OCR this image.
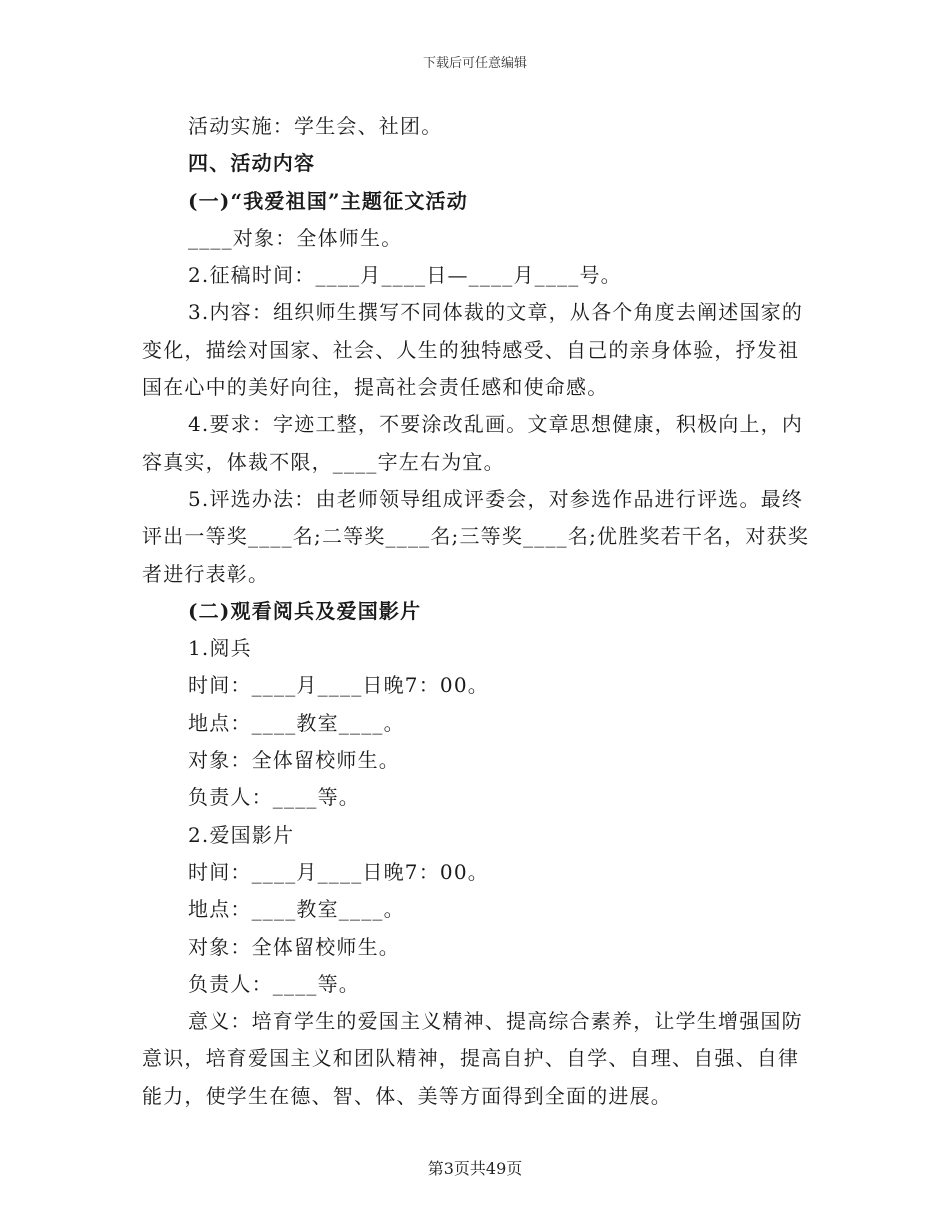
下载后可任意编辑

活动实施：学生会、社团。

四、活动内容

(一)“我爱祖国”主题征文活动

____对象：全体师生。

2.征稿时间：____月____日—____月____号。

3.内容：组织师生撰写不同体裁的文章，从各个角度去阐述国家的变化，描绘对国家、社会、人生的独特感受、自己的亲身体验，抒发祖国在心中的美好向往，提高社会责任感和使命感。

4.要求：字迹工整，不要涂改乱画。文章思想健康，积极向上，内容真实，体裁不限，____字左右为宜。

5.评选办法：由老师领导组成评委会，对参选作品进行评选。最终评出一等奖____名;二等奖____名;三等奖____名;优胜奖若干名，对获奖者进行表彰。

(二)观看阅兵及爱国影片

1.阅兵

时间：____月____日晚7：00。

地点：____教室____。

对象：全体留校师生。

负责人：____等。

2.爱国影片

时间：____月____日晚7：00。

地点：____教室____。

对象：全体留校师生。

负责人：____等。

意义：培育学生的爱国主义精神、提高综合素养，让学生增强国防意识，培育爱国主义和团队精神，提高自护、自学、自理、自强、自律能力，使学生在德、智、体、美等方面得到全面的进展。

第3页共49页
